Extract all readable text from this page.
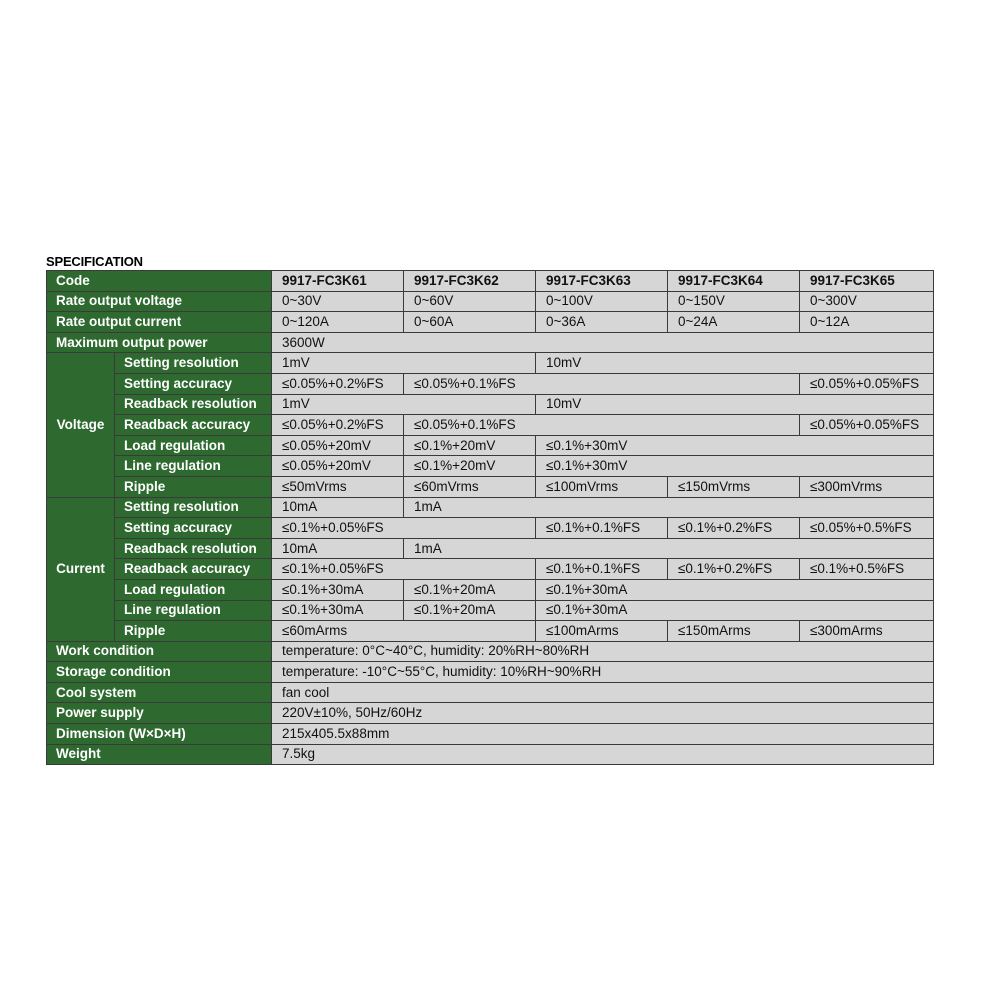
SPECIFICATION
Code		9917-FC3K61	9917-FC3K62	9917-FC3K63	9917-FC3K64	9917-FC3K65
Rate output voltage		0~30V	0~60V	0~100V	0~150V	0~300V
Rate output current		0~120A	0~60A	0~36A	0~24A	0~12A
Maximum output power		3600W				
Voltage	Setting resolution	1mV		10mV		
	Setting accuracy	≤0.05%+0.2%FS	≤0.05%+0.1%FS			≤0.05%+0.05%FS
	Readback resolution	1mV		10mV		
	Readback accuracy	≤0.05%+0.2%FS	≤0.05%+0.1%FS			≤0.05%+0.05%FS
	Load regulation	≤0.05%+20mV	≤0.1%+20mV	≤0.1%+30mV		
	Line regulation	≤0.05%+20mV	≤0.1%+20mV	≤0.1%+30mV		
	Ripple	≤50mVrms	≤60mVrms	≤100mVrms	≤150mVrms	≤300mVrms
Current	Setting resolution	10mA	1mA			
	Setting accuracy	≤0.1%+0.05%FS		≤0.1%+0.1%FS	≤0.1%+0.2%FS	≤0.05%+0.5%FS
	Readback resolution	10mA	1mA			
	Readback accuracy	≤0.1%+0.05%FS		≤0.1%+0.1%FS	≤0.1%+0.2%FS	≤0.1%+0.5%FS
	Load regulation	≤0.1%+30mA	≤0.1%+20mA	≤0.1%+30mA		
	Line regulation	≤0.1%+30mA	≤0.1%+20mA	≤0.1%+30mA		
	Ripple	≤60mArms		≤100mArms	≤150mArms	≤300mArms
Work condition		temperature: 0°C~40°C, humidity: 20%RH~80%RH				
Storage condition		temperature: -10°C~55°C, humidity: 10%RH~90%RH				
Cool system		fan cool				
Power supply		220V±10%, 50Hz/60Hz				
Dimension (W×D×H)		215x405.5x88mm				
Weight		7.5kg				
